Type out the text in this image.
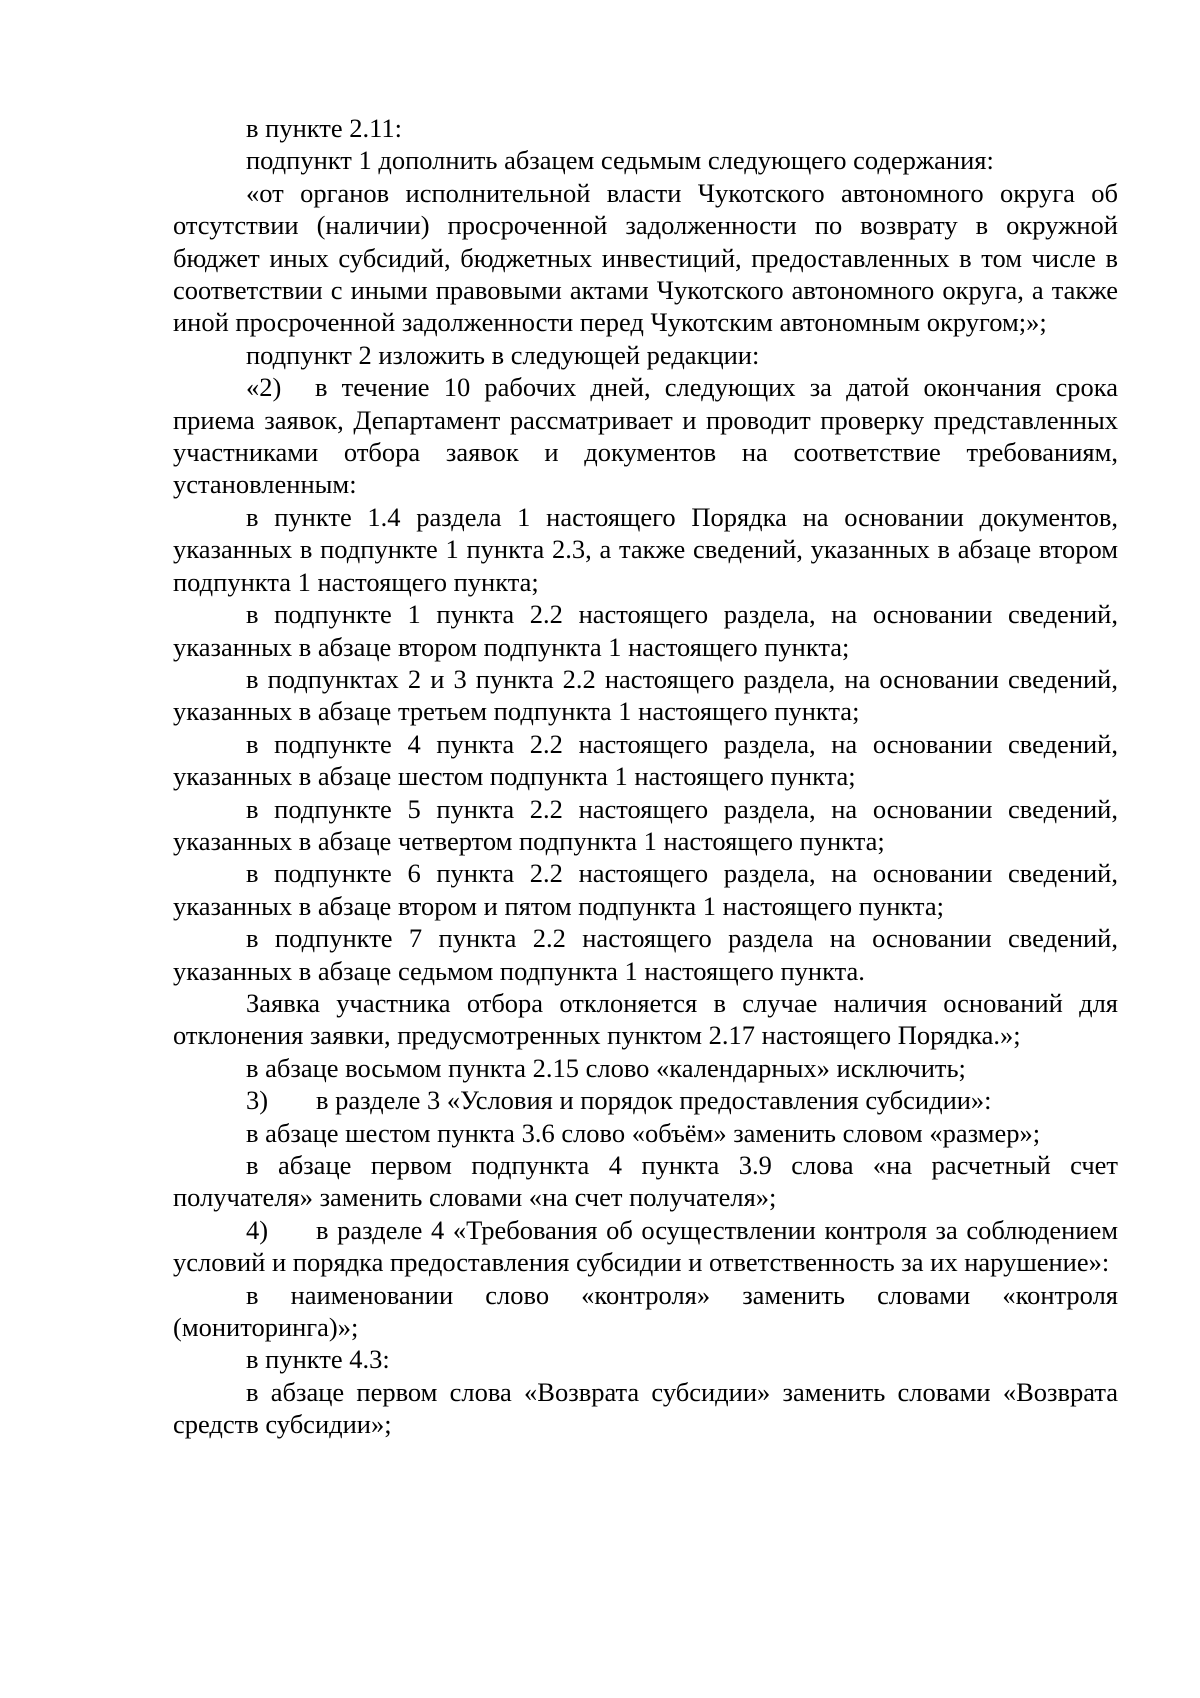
в пункте 2.11:

подпункт 1 дополнить абзацем седьмым следующего содержания:

«от органов исполнительной власти Чукотского автономного округа об отсутствии (наличии) просроченной задолженности по возврату в окружной бюджет иных субсидий, бюджетных инвестиций, предоставленных в том числе в соответствии с иными правовыми актами Чукотского автономного округа, а также иной просроченной задолженности перед Чукотским автономным округом;»;

подпункт 2 изложить в следующей редакции:

«2) в течение 10 рабочих дней, следующих за датой окончания срока приема заявок, Департамент рассматривает и проводит проверку представленных участниками отбора заявок и документов на соответствие требованиям, установленным:

в пункте 1.4 раздела 1 настоящего Порядка на основании документов, указанных в подпункте 1 пункта 2.3, а также сведений, указанных в абзаце втором подпункта 1 настоящего пункта;

в подпункте 1 пункта 2.2 настоящего раздела, на основании сведений, указанных в абзаце втором подпункта 1 настоящего пункта;

в подпунктах 2 и 3 пункта 2.2 настоящего раздела, на основании сведений, указанных в абзаце третьем подпункта 1 настоящего пункта;

в подпункте 4 пункта 2.2 настоящего раздела, на основании сведений, указанных в абзаце шестом подпункта 1 настоящего пункта;

в подпункте 5 пункта 2.2 настоящего раздела, на основании сведений, указанных в абзаце четвертом подпункта 1 настоящего пункта;

в подпункте 6 пункта 2.2 настоящего раздела, на основании сведений, указанных в абзаце втором и пятом подпункта 1 настоящего пункта;

в подпункте 7 пункта 2.2 настоящего раздела на основании сведений, указанных в абзаце седьмом подпункта 1 настоящего пункта.

Заявка участника отбора отклоняется в случае наличия оснований для отклонения заявки, предусмотренных пунктом 2.17 настоящего Порядка.»;

в абзаце восьмом пункта 2.15 слово «календарных» исключить;

3) в разделе 3 «Условия и порядок предоставления субсидии»:

в абзаце шестом пункта 3.6 слово «объём» заменить словом «размер»;

в абзаце первом подпункта 4 пункта 3.9 слова «на расчетный счет получателя» заменить словами «на счет получателя»;

4) в разделе 4 «Требования об осуществлении контроля за соблюдением условий и порядка предоставления субсидии и ответственность за их нарушение»:

в наименовании слово «контроля» заменить словами «контроля (мониторинга)»;

в пункте 4.3:

в абзаце первом слова «Возврата субсидии» заменить словами «Возврата средств субсидии»;
